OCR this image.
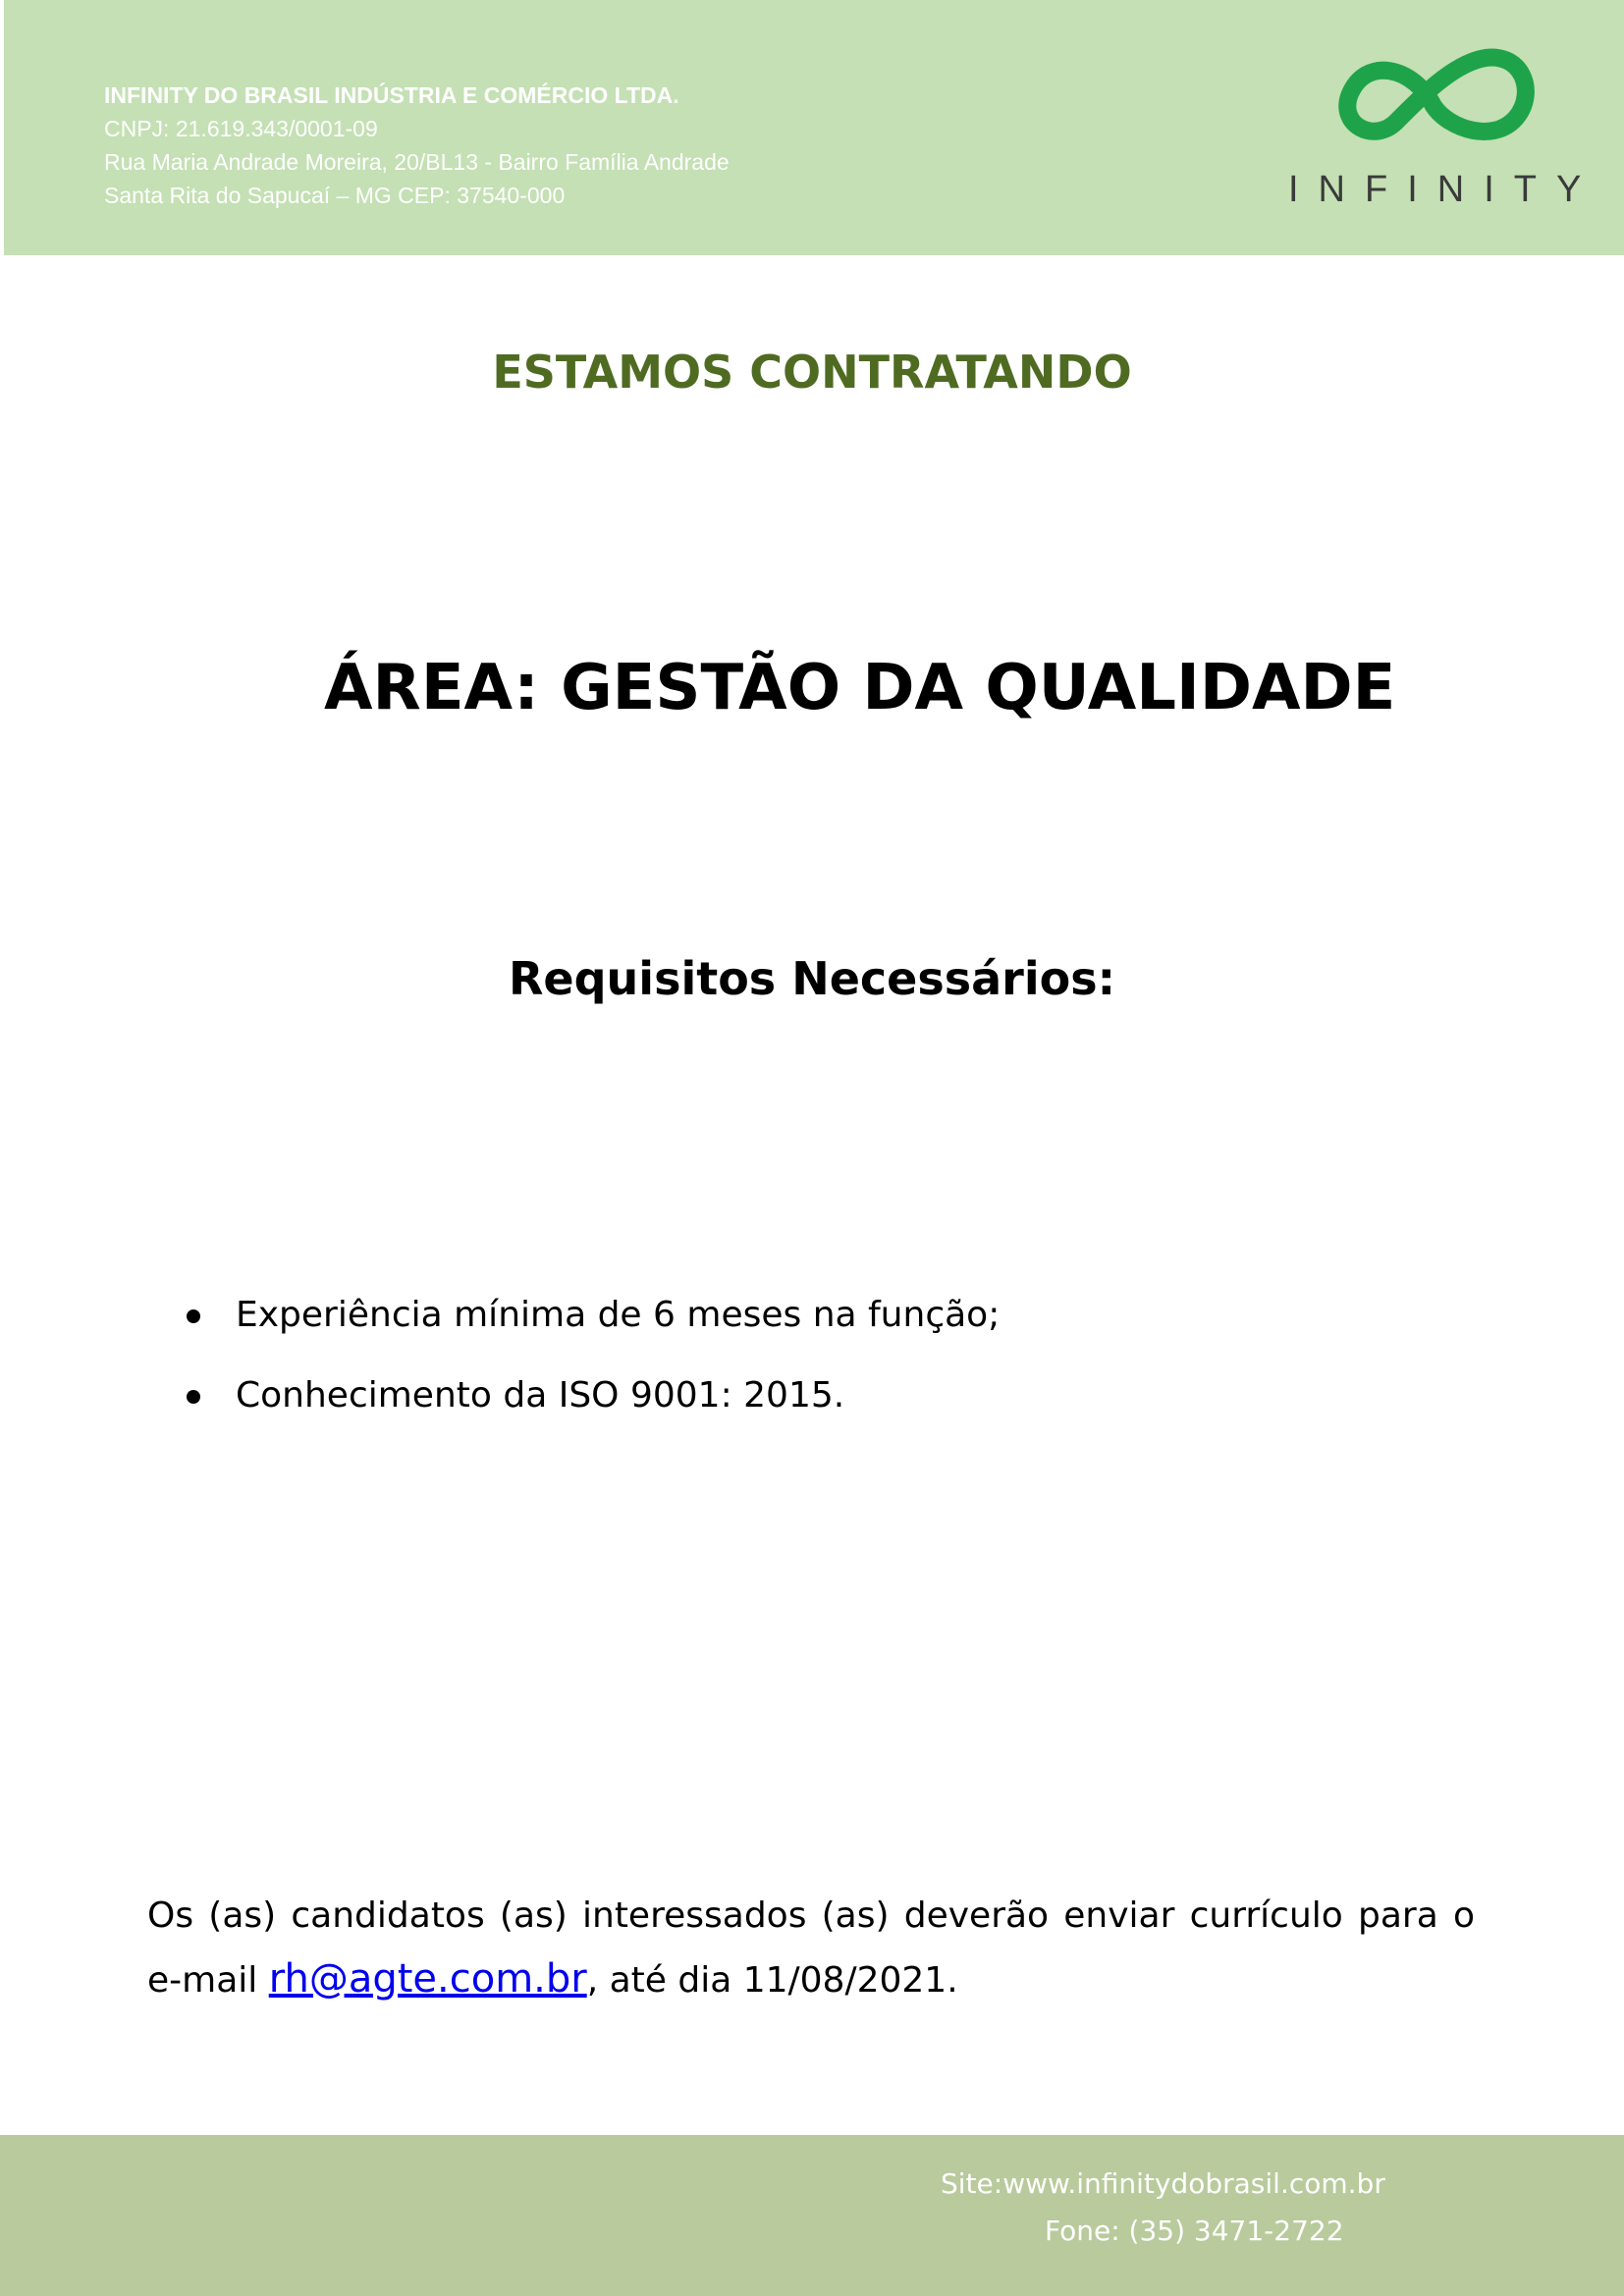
INFINITY DO BRASIL INDÚSTRIA E COMÉRCIO LTDA.
CNPJ: 21.619.343/0001-09
Rua Maria Andrade Moreira, 20/BL13 - Bairro Família Andrade
Santa Rita do Sapucaí – MG CEP: 37540-000	INFINITY
ESTAMOS CONTRATANDO
ÁREA: GESTÃO DA QUALIDADE
Requisitos Necessários:
Experiência mínima de 6 meses na função;
Conhecimento da ISO 9001: 2015.
Os (as) candidatos (as) interessados (as) deverão enviar currículo para o e-mail rh@agte.com.br, até dia 11/08/2021.
Site:www.infinitydobrasil.com.br
Fone: (35) 3471-2722
